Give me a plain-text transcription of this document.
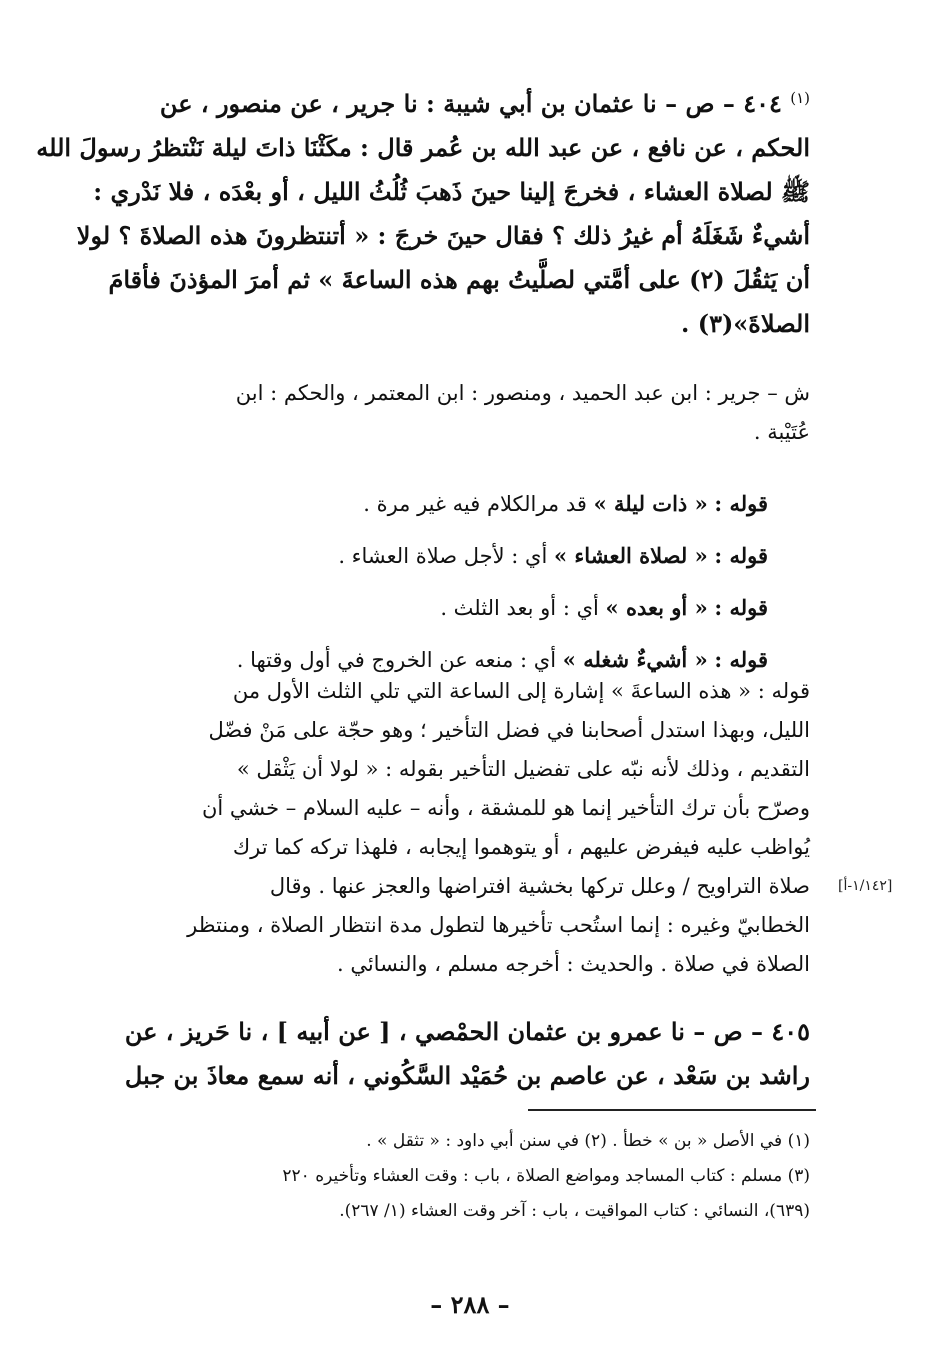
$^{(١)}$ ٤٠٤ – ص – نا عثمان بن أبي شيبة : نا جرير ، عن منصور ، عن
الحكم ، عن نافع ، عن عبد الله بن عُمر قال : مكَثْنَا ذاتَ ليلة نَنْتظرُ رسولَ الله
ﷺ لصلاة العشاء ، فخرجَ إلينا حينَ ذَهبَ ثُلُثُ الليل ، أو بعْدَه ، فلا نَدْري :
أشيءٌ شَغَلَهُ أم غيرُ ذلك ؟ فقال حينَ خرجَ : « أتنتظرونَ هذه الصلاةَ ؟ لولا
أن يَثقُلَ (٢) على أمَّتي لصلَّيتُ بهم هذه الساعةَ » ثم أمرَ المؤذنَ فأقامَ
الصلاةَ»(٣) .
ش – جرير : ابن عبد الحميد ، ومنصور : ابن المعتمر ، والحكم : ابن
عُتَيْبة .
  قوله : « ذات ليلة » قد مرالكلام فيه غير مرة .
  قوله : « لصلاة العشاء » أي : لأجل صلاة العشاء .
  قوله : « أو بعده » أي : أو بعد الثلث .
  قوله : « أشيءٌ شغله » أي : منعه عن الخروج في أول وقتها .
قوله : « هذه الساعةَ » إشارة إلى الساعة التي تلي الثلث الأول من
الليل، وبهذا استدل أصحابنا في فضل التأخير ؛ وهو حجّة على مَنْ فضّل
التقديم ، وذلك لأنه نبّه على تفضيل التأخير بقوله : « لولا أن يَثْقل »
وصرّح بأن ترك التأخير إنما هو للمشقة ، وأنه – عليه السلام – خشي أن
يُواظب عليه فيفرض عليهم ، أو يتوهموا إيجابه ، فلهذا تركه كما ترك
صلاة التراويح / وعلل تركها بخشية افتراضها والعجز عنها . وقال
الخطابيّ وغيره : إنما استُحب تأخيرها لتطول مدة انتظار الصلاة ، ومنتظر
الصلاة في صلاة . والحديث : أخرجه مسلم ، والنسائي .
[١/١٤٢-أ]
٤٠٥ – ص – نا عمرو بن عثمان الحمْصي ، [ عن أبيه ] ، نا حَريز ، عن
راشد بن سَعْد ، عن عاصم بن حُمَيْد السَّكُوني ، أنه سمع معاذَ بن جبل
(١) في الأصل « بن » خطأ . (٢) في سنن أبي داود : « تثقل » .
(٣) مسلم : كتاب المساجد ومواضع الصلاة ، باب : وقت العشاء وتأخيره ٢٢٠
(٦٣٩)، النسائي : كتاب المواقيت ، باب : آخر وقت العشاء (١/ ٢٦٧).
– ٢٨٨ –
